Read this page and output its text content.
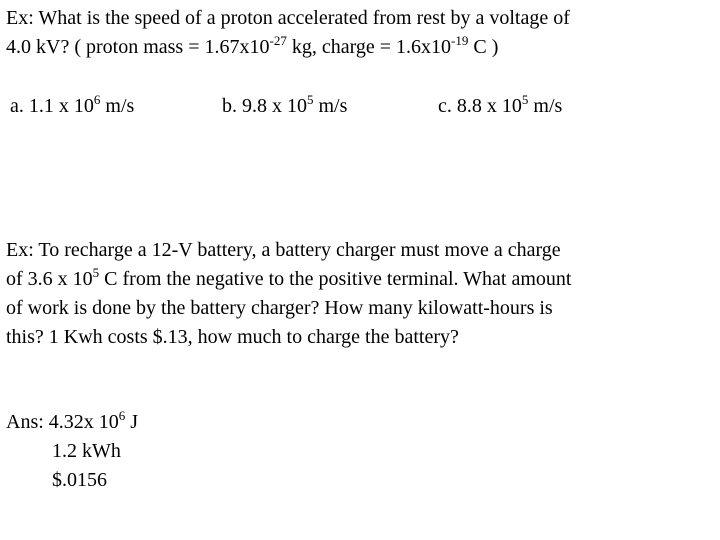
Ex: What is the speed of a proton accelerated from rest by a voltage of
4.0 kV? ( proton mass = $1.67x10^{-27}$ kg, charge = $1.6x10^{-19}$ C )
a. 1.1 x $10^6$ m/s	b. 9.8 x $10^5$ m/s	c. 8.8 x $10^5$ m/s
Ex: To recharge a 12-V battery, a battery charger must move a charge
of 3.6 x $10^5$ C from the negative to the positive terminal. What amount
of work is done by the battery charger? How many kilowatt-hours is
this? 1 Kwh costs $.13, how much to charge the battery?
Ans: 4.32x $10^6$ J
1.2 kWh
$.0156
